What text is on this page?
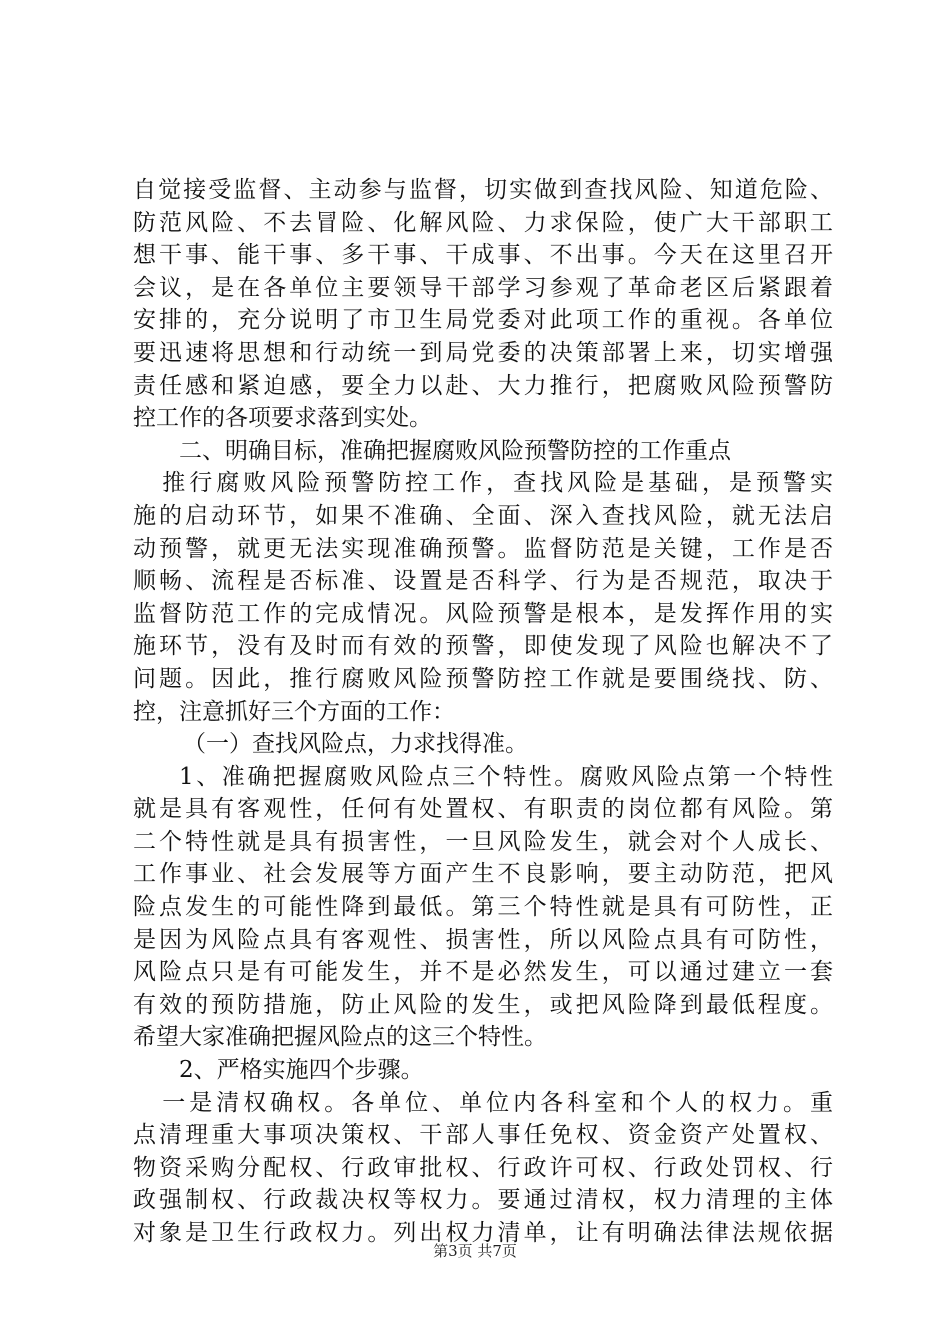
自觉接受监督、主动参与监督，切实做到查找风险、知道危险、
防范风险、不去冒险、化解风险、力求保险，使广大干部职工
想干事、能干事、多干事、干成事、不出事。今天在这里召开
会议，是在各单位主要领导干部学习参观了革命老区后紧跟着
安排的，充分说明了市卫生局党委对此项工作的重视。各单位
要迅速将思想和行动统一到局党委的决策部署上来，切实增强
责任感和紧迫感，要全力以赴、大力推行，把腐败风险预警防
控工作的各项要求落到实处。
二、明确目标，准确把握腐败风险预警防控的工作重点
推行腐败风险预警防控工作，查找风险是基础，是预警实
施的启动环节，如果不准确、全面、深入查找风险，就无法启
动预警，就更无法实现准确预警。监督防范是关键，工作是否
顺畅、流程是否标准、设置是否科学、行为是否规范，取决于
监督防范工作的完成情况。风险预警是根本，是发挥作用的实
施环节，没有及时而有效的预警，即使发现了风险也解决不了
问题。因此，推行腐败风险预警防控工作就是要围绕找、防、
控，注意抓好三个方面的工作：
（一）查找风险点，力求找得准。
1、准确把握腐败风险点三个特性。腐败风险点第一个特性
就是具有客观性，任何有处置权、有职责的岗位都有风险。第
二个特性就是具有损害性，一旦风险发生，就会对个人成长、
工作事业、社会发展等方面产生不良影响，要主动防范，把风
险点发生的可能性降到最低。第三个特性就是具有可防性，正
是因为风险点具有客观性、损害性，所以风险点具有可防性，
风险点只是有可能发生，并不是必然发生，可以通过建立一套
有效的预防措施，防止风险的发生，或把风险降到最低程度。
希望大家准确把握风险点的这三个特性。
2、严格实施四个步骤。
一是清权确权。各单位、单位内各科室和个人的权力。重
点清理重大事项决策权、干部人事任免权、资金资产处置权、
物资采购分配权、行政审批权、行政许可权、行政处罚权、行
政强制权、行政裁决权等权力。要通过清权，权力清理的主体
对象是卫生行政权力。列出权力清单，让有明确法律法规依据
第3页 共7页
